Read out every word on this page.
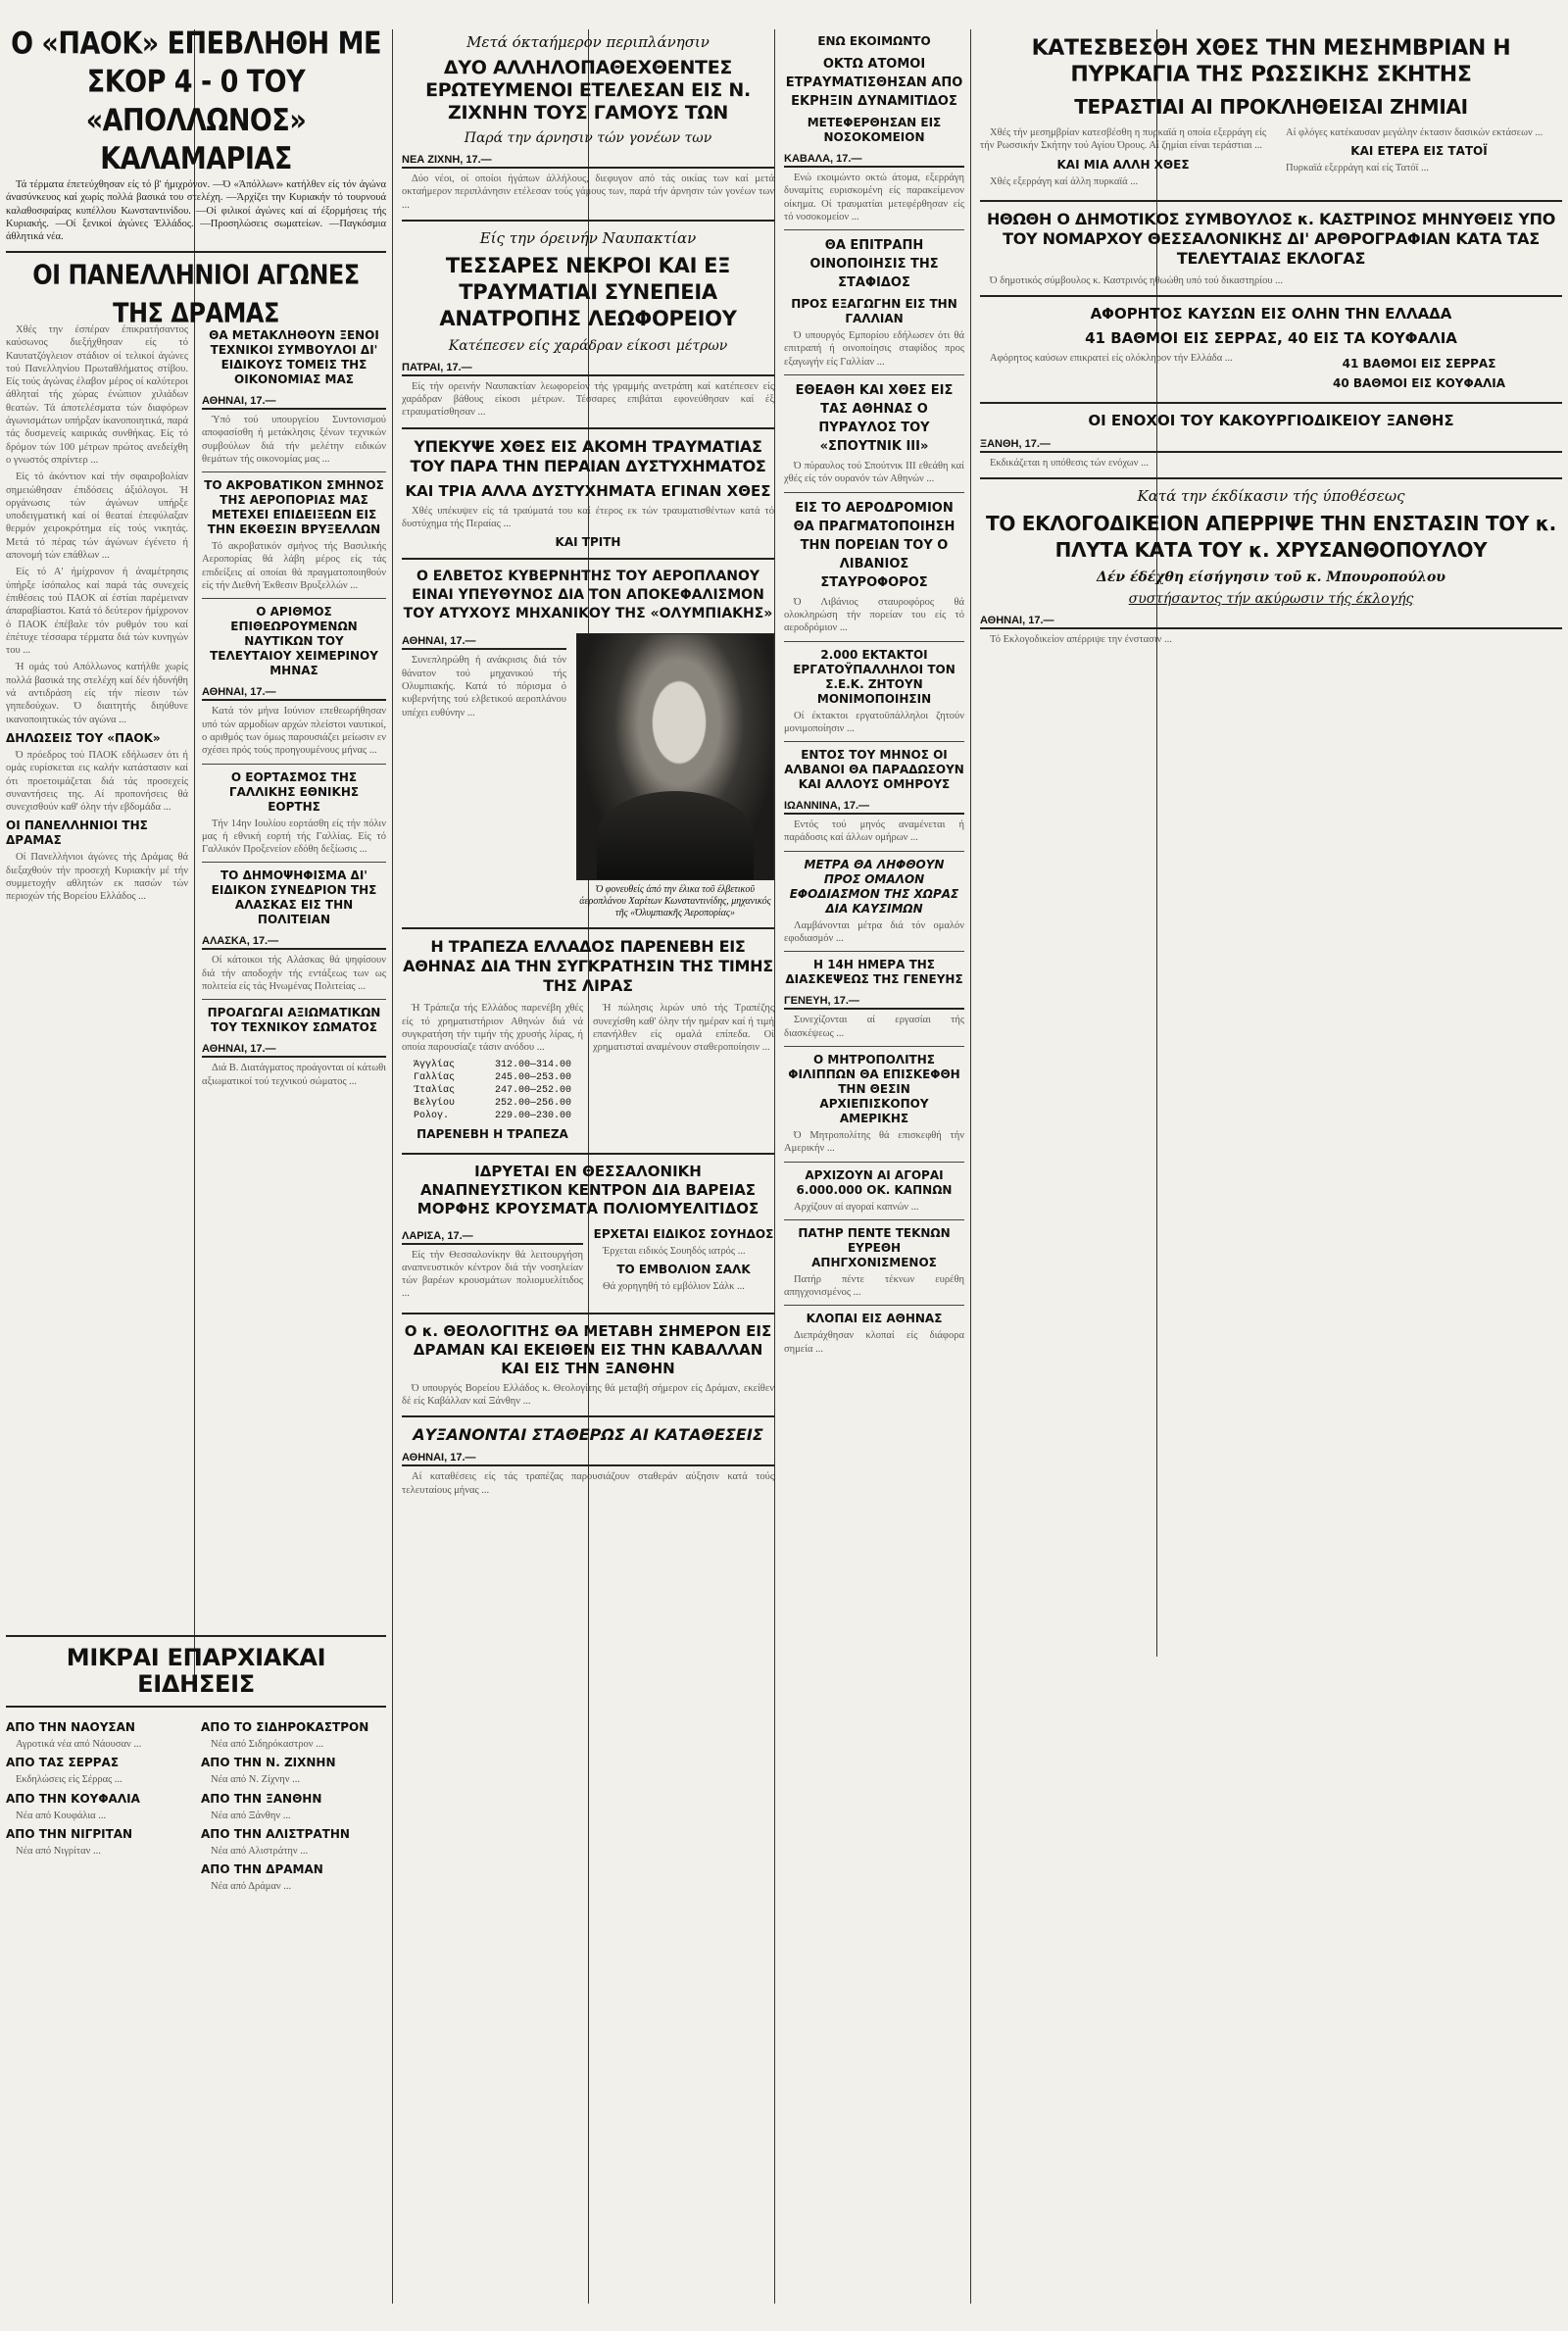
Ο «ΠΑΟΚ» ΕΠΕΒΛΗΘΗ ΜΕ ΣΚΟΡ 4 - 0 ΤΟΥ «ΑΠΟΛΛΩΝΟΣ» ΚΑΛΑΜΑΡΙΑΣ

Τά τέρματα έπετεύχθησαν είς τό β' ήμιχρόνον. —Ό «Άπόλλων» κατήλθεν είς τόν άγώνα άνασύνκευος καί χωρίς πολλά βασικά του στελέχη. —Άρχίζει την Κυριακήν τό τουρνουά καλαθοσφαίρας κυπέλλου Κωνσταντινίδου. —Οί φιλικοί άγώνες καί αί έξορμήσεις τής Κυριακής. —Οί ξενικοί άγώνες Έλλάδος. —Προσηλώσεις σωματείων. —Παγκόσμια άθλητικά νέα.

ΟΙ ΠΑΝΕΛΛΗΝΙΟΙ ΑΓΩΝΕΣ ΤΗΣ ΔΡΑΜΑΣ

Χθές την έσπέραν έπικρατήσαντος καύσωνος διεξήχθησαν είς τό Καυτατζόγλειον στάδιον οί τελικοί άγώνες τού Πανελληνίου Πρωταθλήματος στίβου. Είς τούς άγώνας έλαβον μέρος οί καλύτεροι άθληταί τής χώρας ένώπιον χιλιάδων θεατών. Τά άποτελέσματα τών διαφόρων άγωνισμάτων υπήρξαν ίκανοποιητικά, παρά τάς δυσμενείς καιρικάς συνθήκας. Είς τό δρόμον τών 100 μέτρων πρώτος ανεδείχθη ο γνωστός σπρίντερ ...

Είς τό άκόντιον καί τήν σφαιροβολίαν σημειώθησαν έπιδόσεις άξιόλογοι. Ή οργάνωσις τών άγώνων υπήρξε υποδειγματική καί οί θεαταί έπεφύλαξαν θερμόν χειροκρότημα είς τούς νικητάς. Μετά τό πέρας τών άγώνων έγένετο ή απονομή τών επάθλων ...

Είς τό Α' ήμίχρονον ή άναμέτρησις ύπήρξε ίσόπαλος καί παρά τάς συνεχείς έπιθέσεις τού ΠΑΟΚ αί έστίαι παρέμειναν άπαραβίαστοι. Κατά τό δεύτερον ήμίχρονον ό ΠΑΟΚ έπέβαλε τόν ρυθμόν του καί έπέτυχε τέσσαρα τέρματα διά τών κυνηγών του ...

Ή ομάς τού Απόλλωνος κατήλθε χωρίς πολλά βασικά της στελέχη καί δέν ήδυνήθη νά αντιδράση είς τήν πίεσιν τών γηπεδούχων. Ό διαιτητής διηύθυνε ικανοποιητικώς τόν αγώνα ...

ΔΗΛΩΣΕΙΣ ΤΟΥ «ΠΑΟΚ»

Ό πρόεδρος τού ΠΑΟΚ εδήλωσεν ότι ή ομάς ευρίσκεται εις καλήν κατάστασιν καί ότι προετοιμάζεται διά τάς προσεχείς συναντήσεις της. Αί προπονήσεις θά συνεχισθούν καθ' όλην τήν εβδομάδα ...

ΟΙ ΠΑΝΕΛΛΗΝΙΟΙ ΤΗΣ ΔΡΑΜΑΣ

Οί Πανελλήνιοι άγώνες τής Δράμας θά διεξαχθούν τήν προσεχή Κυριακήν μέ τήν συμμετοχήν αθλητών εκ πασών τών περιοχών τής Βορείου Ελλάδος ...

ΘΑ ΜΕΤΑΚΛΗΘΟΥΝ ΞΕΝΟΙ ΤΕΧΝΙΚΟΙ ΣΥΜΒΟΥΛΟΙ ΔΙ' ΕΙΔΙΚΟΥΣ ΤΟΜΕΙΣ ΤΗΣ ΟΙΚΟΝΟΜΙΑΣ ΜΑΣ
ΑΘΗΝΑΙ, 17.—

Ύπό τού υπουργείου Συντονισμού αποφασίσθη ή μετάκλησις ξένων τεχνικών συμβούλων διά τήν μελέτην ειδικών θεμάτων τής οικονομίας μας ...

ΤΟ ΑΚΡΟΒΑΤΙΚΟΝ ΣΜΗΝΟΣ ΤΗΣ ΑΕΡΟΠΟΡΙΑΣ ΜΑΣ ΜΕΤΕΧΕΙ ΕΠΙΔΕΙΞΕΩΝ ΕΙΣ ΤΗΝ ΕΚΘΕΣΙΝ ΒΡΥΞΕΛΛΩΝ

Τό ακροβατικόν σμήνος τής Βασιλικής Αεροπορίας θά λάβη μέρος είς τάς επιδείξεις αί οποίαι θά πραγματοποιηθούν είς τήν Διεθνή Έκθεσιν Βρυξελλών ...

Ο ΑΡΙΘΜΟΣ ΕΠΙΘΕΩΡΟΥΜΕΝΩΝ ΝΑΥΤΙΚΩΝ ΤΟΥ ΤΕΛΕΥΤΑΙΟΥ ΧΕΙΜΕΡΙΝΟΥ ΜΗΝΑΣ
ΑΘΗΝΑΙ, 17.—

Κατά τόν μήνα Ιούνιον επεθεωρήθησαν υπό τών αρμοδίων αρχών πλείστοι ναυτικοί, ο αριθμός των όμως παρουσιάζει μείωσιν εν σχέσει πρός τούς προηγουμένους μήνας ...

Ο ΕΟΡΤΑΣΜΟΣ ΤΗΣ ΓΑΛΛΙΚΗΣ ΕΘΝΙΚΗΣ ΕΟΡΤΗΣ

Τήν 14ην Ιουλίου εορτάσθη είς τήν πόλιν μας ή εθνική εορτή τής Γαλλίας. Είς τό Γαλλικόν Προξενείον εδόθη δεξίωσις ...

ΤΟ ΔΗΜΟΨΗΦΙΣΜΑ ΔΙ' ΕΙΔΙΚΟΝ ΣΥΝΕΔΡΙΟΝ ΤΗΣ ΑΛΑΣΚΑΣ ΕΙΣ ΤΗΝ ΠΟΛΙΤΕΙΑΝ
ΑΛΑΣΚΑ, 17.—

Οί κάτοικοι τής Αλάσκας θά ψηφίσουν διά τήν αποδοχήν τής εντάξεως των ως πολιτεία είς τάς Ηνωμένας Πολιτείας ...

ΠΡΟΑΓΩΓΑΙ ΑΞΙΩΜΑΤΙΚΩΝ ΤΟΥ ΤΕΧΝΙΚΟΥ ΣΩΜΑΤΟΣ
ΑΘΗΝΑΙ, 17.—

Διά Β. Διατάγματος προάγονται οί κάτωθι αξιωματικοί τού τεχνικού σώματος ...

Μετά όκταήμερον περιπλάνησιν
ΔΥΟ ΑΛΛΗΛΟΠΑΘΕΧΘΕΝΤΕΣ ΕΡΩΤΕΥΜΕΝΟΙ ΕΤΕΛΕΣΑΝ ΕΙΣ Ν. ΖΙΧΝΗΝ ΤΟΥΣ ΓΑΜΟΥΣ ΤΩΝ
Παρά την άρνησιν τών γονέων των
ΝΕΑ ΖΙΧΝΗ, 17.—

Δύο νέοι, οί οποίοι ήγάπων άλλήλους, διεφυγον από τάς οικίας των καί μετά οκταήμερον περιπλάνησιν ετέλεσαν τούς γάμους των, παρά τήν άρνησιν τών γονέων των ...

Είς την όρεινήν Ναυπακτίαν
ΤΕΣΣΑΡΕΣ ΝΕΚΡΟΙ ΚΑΙ ΕΞ ΤΡΑΥΜΑΤΙΑΙ ΣΥΝΕΠΕΙΑ ΑΝΑΤΡΟΠΗΣ ΛΕΩΦΟΡΕΙΟΥ
Κατέπεσεν είς χαράδραν είκοσι μέτρων
ΠΑΤΡΑΙ, 17.—

Είς τήν ορεινήν Ναυπακτίαν λεωφορείον τής γραμμής ανετράπη καί κατέπεσεν είς χαράδραν βάθους είκοσι μέτρων. Τέσσαρες επιβάται εφονεύθησαν καί έξ ετραυματίσθησαν ...

ΥΠΕΚΥΨΕ ΧΘΕΣ ΕΙΣ ΑΚΟΜΗ ΤΡΑΥΜΑΤΙΑΣ ΤΟΥ ΠΑΡΑ ΤΗΝ ΠΕΡΑΙΑΝ ΔΥΣΤΥΧΗΜΑΤΟΣ
ΚΑΙ ΤΡΙΑ ΑΛΛΑ ΔΥΣΤΥΧΗΜΑΤΑ ΕΓΙΝΑΝ ΧΘΕΣ

Χθές υπέκυψεν είς τά τραύματά του καί έτερος εκ τών τραυματισθέντων κατά τό δυστύχημα τής Περαίας ...

ΚΑΙ ΤΡΙΤΗ
Ο ΕΛΒΕΤΟΣ ΚΥΒΕΡΝΗΤΗΣ ΤΟΥ ΑΕΡΟΠΛΑΝΟΥ ΕΙΝΑΙ ΥΠΕΥΘΥΝΟΣ ΔΙΑ ΤΟΝ ΑΠΟΚΕΦΑΛΙΣΜΟΝ ΤΟΥ ΑΤΥΧΟΥΣ ΜΗΧΑΝΙΚΟΥ ΤΗΣ «ΟΛΥΜΠΙΑΚΗΣ»
ΑΘΗΝΑΙ, 17.—

Συνεπληρώθη ή ανάκρισις διά τόν θάνατον τού μηχανικού τής Ολυμπιακής. Κατά τό πόρισμα ό κυβερνήτης τού ελβετικού αεροπλάνου υπέχει ευθύνην ...

Ό φονευθείς άπό την έλικα τοῦ έλβετικοῦ άεροπλάνου Χαρίτων Κωνσταντινίδης, μηχανικός τῆς «Όλυμπιακῆς Άεροπορίας»
Η ΤΡΑΠΕΖΑ ΕΛΛΑΔΟΣ ΠΑΡΕΝΕΒΗ ΕΙΣ ΑΘΗΝΑΣ ΔΙΑ ΤΗΝ ΣΥΓΚΡΑΤΗΣΙΝ ΤΗΣ ΤΙΜΗΣ ΤΗΣ ΛΙΡΑΣ

Ή Τράπεζα τής Ελλάδος παρενέβη χθές είς τό χρηματιστήριον Αθηνών διά νά συγκρατήση τήν τιμήν τής χρυσής λίρας, ή οποία παρουσίαζε τάσιν ανόδου ...

Άγγλίας	312.00—314.00
Γαλλίας	245.00—253.00
Ίταλίας	247.00—252.00
Βελγίου	252.00—256.00
Ρολογ.	229.00—230.00
ΠΑΡΕΝΕΒΗ Η ΤΡΑΠΕΖΑ

Ή πώλησις λιρών υπό τής Τραπέζης συνεχίσθη καθ' όλην τήν ημέραν καί ή τιμή επανήλθεν είς ομαλά επίπεδα. Οί χρηματισταί αναμένουν σταθεροποίησιν ...

ΙΔΡΥΕΤΑΙ ΕΝ ΘΕΣΣΑΛΟΝΙΚΗ ΑΝΑΠΝΕΥΣΤΙΚΟΝ ΚΕΝΤΡΟΝ ΔΙΑ ΒΑΡΕΙΑΣ ΜΟΡΦΗΣ ΚΡΟΥΣΜΑΤΑ ΠΟΛΙΟΜΥΕΛΙΤΙΔΟΣ
ΛΑΡΙΣΑ, 17.—

Είς τήν Θεσσαλονίκην θά λειτουργήση αναπνευστικόν κέντρον διά τήν νοσηλείαν τών βαρέων κρουσμάτων πολιομυελίτιδος ...

ΕΡΧΕΤΑΙ ΕΙΔΙΚΟΣ ΣΟΥΗΔΟΣ

Έρχεται ειδικός Σουηδός ιατρός ...

ΤΟ ΕΜΒΟΛΙΟΝ ΣΑΛΚ

Θά χορηγηθή τό εμβόλιον Σάλκ ...

Ο κ. ΘΕΟΛΟΓΙΤΗΣ ΘΑ ΜΕΤΑΒΗ ΣΗΜΕΡΟΝ ΕΙΣ ΔΡΑΜΑΝ ΚΑΙ ΕΚΕΙΘΕΝ ΕΙΣ ΤΗΝ ΚΑΒΑΛΛΑΝ ΚΑΙ ΕΙΣ ΤΗΝ ΞΑΝΘΗΝ

Ό υπουργός Βορείου Ελλάδος κ. Θεολογίτης θά μεταβή σήμερον είς Δράμαν, εκείθεν δέ είς Καβάλλαν καί Ξάνθην ...

ΑΥΞΑΝΟΝΤΑΙ ΣΤΑΘΕΡΩΣ ΑΙ ΚΑΤΑΘΕΣΕΙΣ
ΑΘΗΝΑΙ, 17.—

Αί καταθέσεις είς τάς τραπέζας παρουσιάζουν σταθεράν αύξησιν κατά τούς τελευταίους μήνας ...

ΕΝΩ ΕΚΟΙΜΩΝΤΟ
ΟΚΤΩ ΑΤΟΜΟΙ ΕΤΡΑΥΜΑΤΙΣΘΗΣΑΝ ΑΠΟ ΕΚΡΗΞΙΝ ΔΥΝΑΜΙΤΙΔΟΣ
ΜΕΤΕΦΕΡΘΗΣΑΝ ΕΙΣ ΝΟΣΟΚΟΜΕΙΟΝ
ΚΑΒΑΛΑ, 17.—

Ενώ εκοιμώντο οκτώ άτομα, εξερράγη δυναμίτις ευρισκομένη είς παρακείμενον οίκημα. Οί τραυματίαι μετεφέρθησαν είς τό νοσοκομείον ...

ΘΑ ΕΠΙΤΡΑΠΗ ΟΙΝΟΠΟΙΗΣΙΣ ΤΗΣ ΣΤΑΦΙΔΟΣ
ΠΡΟΣ ΕΞΑΓΩΓΗΝ ΕΙΣ ΤΗΝ ΓΑΛΛΙΑΝ

Ό υπουργός Εμπορίου εδήλωσεν ότι θά επιτραπή ή οινοποίησις σταφίδος προς εξαγωγήν είς Γαλλίαν ...

ΕΘΕΑΘΗ ΚΑΙ ΧΘΕΣ ΕΙΣ ΤΑΣ ΑΘΗΝΑΣ Ο ΠΥΡΑΥΛΟΣ ΤΟΥ «ΣΠΟΥΤΝΙΚ ΙΙΙ»

Ό πύραυλος τού Σπούτνικ ΙΙΙ εθεάθη καί χθές είς τόν ουρανόν τών Αθηνών ...

ΕΙΣ ΤΟ ΑΕΡΟΔΡΟΜΙΟΝ ΘΑ ΠΡΑΓΜΑΤΟΠΟΙΗΣΗ ΤΗΝ ΠΟΡΕΙΑΝ ΤΟΥ Ο ΛΙΒΑΝΙΟΣ ΣΤΑΥΡΟΦΟΡΟΣ

Ό Λιβάνιος σταυροφόρος θά ολοκληρώση τήν πορείαν του είς τό αεροδρόμιον ...

2.000 ΕΚΤΑΚΤΟΙ ΕΡΓΑΤΟΫΠΑΛΛΗΛΟΙ ΤΟΝ Σ.Ε.Κ. ΖΗΤΟΥΝ ΜΟΝΙΜΟΠΟΙΗΣΙΝ

Οί έκτακτοι εργατοϋπάλληλοι ζητούν μονιμοποίησιν ...

ΕΝΤΟΣ ΤΟΥ ΜΗΝΟΣ ΟΙ ΑΛΒΑΝΟΙ ΘΑ ΠΑΡΑΔΩΣΟΥΝ ΚΑΙ ΑΛΛΟΥΣ ΟΜΗΡΟΥΣ
ΙΩΑΝΝΙΝΑ, 17.—

Εντός τού μηνός αναμένεται ή παράδοσις καί άλλων ομήρων ...

ΜΕΤΡΑ ΘΑ ΛΗΦΘΟΥΝ ΠΡΟΣ ΟΜΑΛΟΝ ΕΦΟΔΙΑΣΜΟΝ ΤΗΣ ΧΩΡΑΣ ΔΙΑ ΚΑΥΣΙΜΩΝ

Λαμβάνονται μέτρα διά τόν ομαλόν εφοδιασμόν ...

Η 14Η ΗΜΕΡΑ ΤΗΣ ΔΙΑΣΚΕΨΕΩΣ ΤΗΣ ΓΕΝΕΥΗΣ
ΓΕΝΕΥΗ, 17.—

Συνεχίζονται αί εργασίαι τής διασκέψεως ...

Ο ΜΗΤΡΟΠΟΛΙΤΗΣ ΦΙΛΙΠΠΩΝ ΘΑ ΕΠΙΣΚΕΦΘΗ ΤΗΝ ΘΕΣΙΝ ΑΡΧΙΕΠΙΣΚΟΠΟΥ ΑΜΕΡΙΚΗΣ

Ό Μητροπολίτης θά επισκεφθή τήν Αμερικήν ...

ΑΡΧΙΖΟΥΝ ΑΙ ΑΓΟΡΑΙ 6.000.000 ΟΚ. ΚΑΠΝΩΝ

Αρχίζουν αί αγοραί καπνών ...

ΠΑΤΗΡ ΠΕΝΤΕ ΤΕΚΝΩΝ ΕΥΡΕΘΗ ΑΠΗΓΧΟΝΙΣΜΕΝΟΣ

Πατήρ πέντε τέκνων ευρέθη απηγχονισμένος ...

ΚΛΟΠΑΙ ΕΙΣ ΑΘΗΝΑΣ

Διεπράχθησαν κλοπαί είς διάφορα σημεία ...

ΚΑΤΕΣΒΕΣΘΗ ΧΘΕΣ ΤΗΝ ΜΕΣΗΜΒΡΙΑΝ Η ΠΥΡΚΑΓΙΑ ΤΗΣ ΡΩΣΣΙΚΗΣ ΣΚΗΤΗΣ
ΤΕΡΑΣΤΙΑΙ ΑΙ ΠΡΟΚΛΗΘΕΙΣΑΙ ΖΗΜΙΑΙ

Χθές τήν μεσημβρίαν κατεσβέσθη η πυρκαϊά η οποία εξερράγη είς τήν Ρωσσικήν Σκήτην τού Αγίου Όρους. Αί ζημίαι είναι τεράστιαι ...

ΚΑΙ ΜΙΑ ΑΛΛΗ ΧΘΕΣ

Χθές εξερράγη καί άλλη πυρκαϊά ...

Αί φλόγες κατέκαυσαν μεγάλην έκτασιν δασικών εκτάσεων ...

ΚΑΙ ΕΤΕΡΑ ΕΙΣ ΤΑΤΟΪ

Πυρκαϊά εξερράγη καί είς Τατόϊ ...

ΗΘΩΘΗ Ο ΔΗΜΟΤΙΚΟΣ ΣΥΜΒΟΥΛΟΣ κ. ΚΑΣΤΡΙΝΟΣ ΜΗΝΥΘΕΙΣ ΥΠΟ ΤΟΥ ΝΟΜΑΡΧΟΥ ΘΕΣΣΑΛΟΝΙΚΗΣ ΔΙ' ΑΡΘΡΟΓΡΑΦΙΑΝ ΚΑΤΑ ΤΑΣ ΤΕΛΕΥΤΑΙΑΣ ΕΚΛΟΓΑΣ

Ό δημοτικός σύμβουλος κ. Καστρινός ηθωώθη υπό τού δικαστηρίου ...

ΑΦΟΡΗΤΟΣ ΚΑΥΣΩΝ ΕΙΣ ΟΛΗΝ ΤΗΝ ΕΛΛΑΔΑ
41 ΒΑΘΜΟΙ ΕΙΣ ΣΕΡΡΑΣ, 40 ΕΙΣ ΤΑ ΚΟΥΦΑΛΙΑ

Αφόρητος καύσων επικρατεί είς ολόκληρον τήν Ελλάδα ...	41 ΒΑΘΜΟΙ ΕΙΣ ΣΕΡΡΑΣ
40 ΒΑΘΜΟΙ ΕΙΣ ΚΟΥΦΑΛΙΑ
ΟΙ ΕΝΟΧΟΙ ΤΟΥ ΚΑΚΟΥΡΓΙΟΔΙΚΕΙΟΥ ΞΑΝΘΗΣ
ΞΑΝΘΗ, 17.—

Εκδικάζεται η υπόθεσις τών ενόχων ...

Κατά την έκδίκασιν τής ύποθέσεως
ΤΟ ΕΚΛΟΓΟΔΙΚΕΙΟΝ ΑΠΕΡΡΙΨΕ ΤΗΝ ΕΝΣΤΑΣΙΝ ΤΟΥ κ. ΠΛΥΤΑ ΚΑΤΑ ΤΟΥ κ. ΧΡΥΣΑΝΘΟΠΟΥΛΟΥ
Δέν έδέχθη είσήγησιν τοῦ κ. Μπουροπούλου
συστήσαντος τήν ακύρωσιν τής έκλογής
ΑΘΗΝΑΙ, 17.—

Τό Εκλογοδικείον απέρριψε την ένστασιν ...

ΜΙΚΡΑΙ ΕΠΑΡΧΙΑΚΑΙ ΕΙΔΗΣΕΙΣ
ΑΠΟ ΤΗΝ ΝΑΟΥΣΑΝ

Αγροτικά νέα από Νάουσαν ...

ΑΠΟ ΤΑΣ ΣΕΡΡΑΣ

Εκδηλώσεις είς Σέρρας ...

ΑΠΟ ΤΗΝ ΚΟΥΦΑΛΙΑ

Νέα από Κουφάλια ...

ΑΠΟ ΤΗΝ ΝΙΓΡΙΤΑΝ

Νέα από Νιγρίταν ...

ΑΠΟ ΤΟ ΣΙΔΗΡΟΚΑΣΤΡΟΝ

Νέα από Σιδηρόκαστρον ...

ΑΠΟ ΤΗΝ Ν. ΖΙΧΝΗΝ

Νέα από Ν. Ζίχνην ...

ΑΠΟ ΤΗΝ ΞΑΝΘΗΝ

Νέα από Ξάνθην ...

ΑΠΟ ΤΗΝ ΑΛΙΣΤΡΑΤΗΝ

Νέα από Αλιστράτην ...

ΑΠΟ ΤΗΝ ΔΡΑΜΑΝ

Νέα από Δράμαν ...
